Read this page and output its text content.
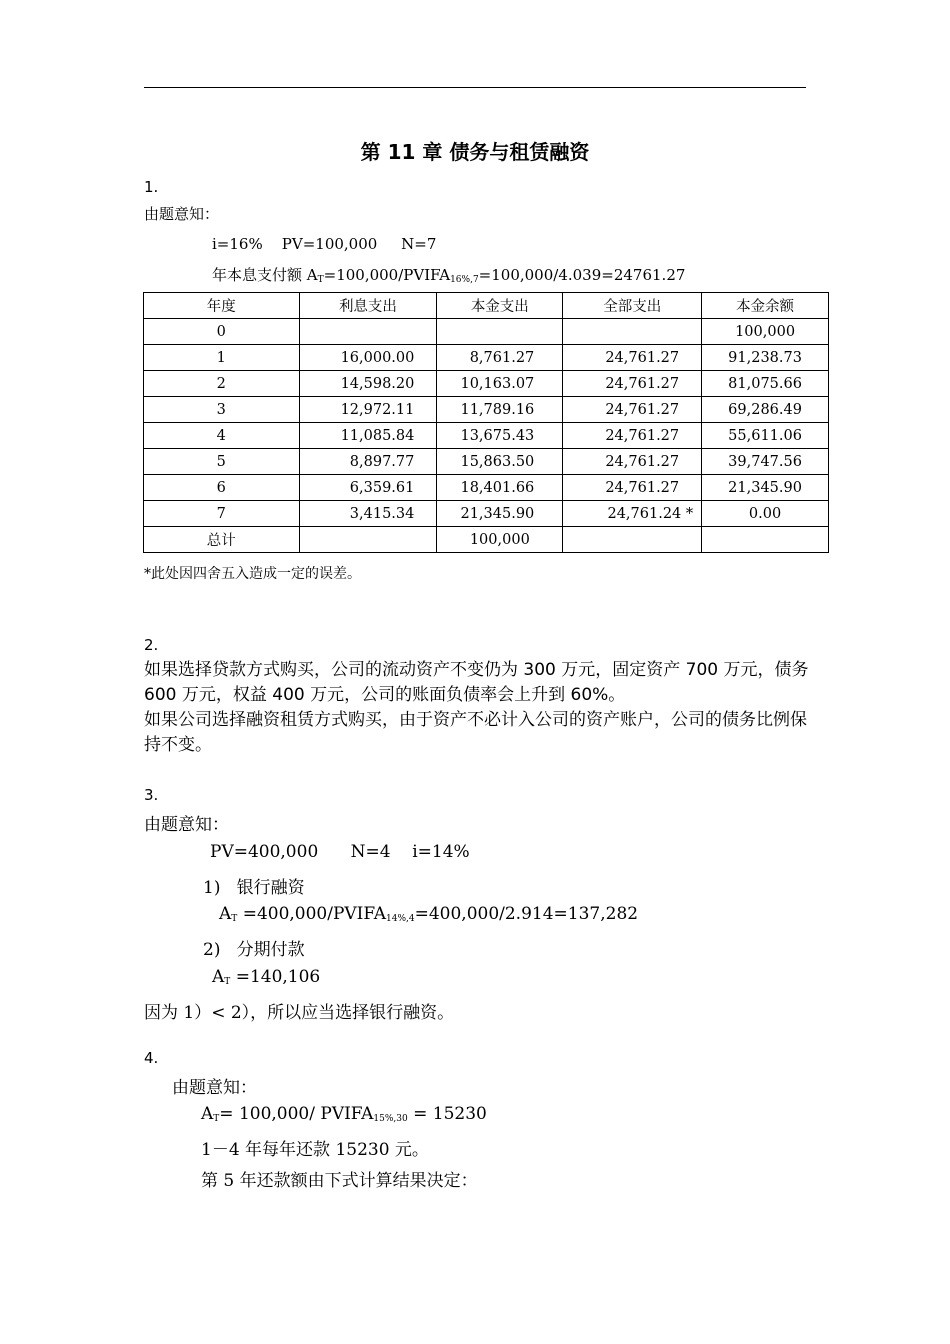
第 11 章 债务与租赁融资
1.
由题意知：
i=16%    PV=100,000     N=7
年本息支付额 $A_T=100,000/PVIFA_{16\%,7}=100,000/4.039=24761.27$
年度	利息支出	本金支出	全部支出	本金余额
0				100,000
1	16,000.00	8,761.27	24,761.27	91,238.73
2	14,598.20	10,163.07	24,761.27	81,075.66
3	12,972.11	11,789.16	24,761.27	69,286.49
4	11,085.84	13,675.43	24,761.27	55,611.06
5	8,897.77	15,863.50	24,761.27	39,747.56
6	6,359.61	18,401.66	24,761.27	21,345.90
7	3,415.34	21,345.90	24,761.24 *	0.00
总计		100,000		
*此处因四舍五入造成一定的误差。
2.
如果选择贷款方式购买，公司的流动资产不变仍为 300 万元，固定资产 700 万元，债务 600 万元，权益 400 万元，公司的账面负债率会上升到 60%。
如果公司选择融资租赁方式购买，由于资产不必计入公司的资产账户，公司的债务比例保持不变。
3.
由题意知：
PV=400,000      N=4    i=14%
1)   银行融资
$A_T$ $=400,000/PVIFA_{14\%,4}=400,000/2.914=137,282$
2)   分期付款
$A_T =140,106$
因为 1）< 2），所以应当选择银行融资。
4.
由题意知：
$A_T= 100,000/$ $PVIFA_{15\%,30} = 15230$
1－4 年每年还款 15230 元。
第 5 年还款额由下式计算结果决定：
